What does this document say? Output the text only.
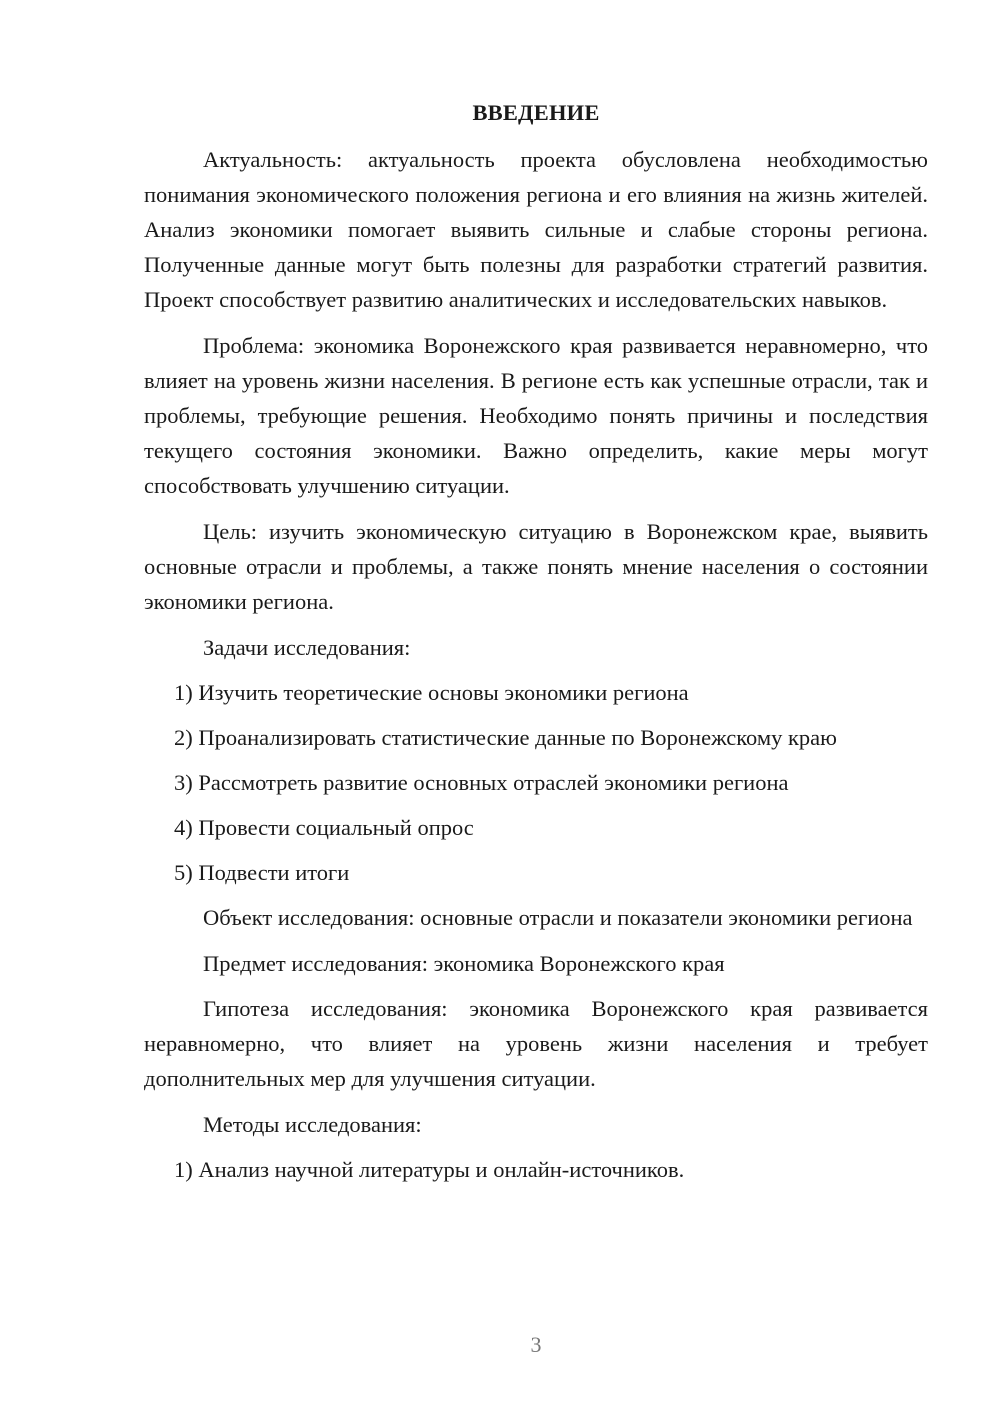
ВВЕДЕНИЕ

Актуальность: актуальность проекта обусловлена необходимостью понимания экономического положения региона и его влияния на жизнь жителей. Анализ экономики помогает выявить сильные и слабые стороны региона. Полученные данные могут быть полезны для разработки стратегий развития. Проект способствует развитию аналитических и исследовательских навыков.

Проблема: экономика Воронежского края развивается неравномерно, что влияет на уровень жизни населения. В регионе есть как успешные отрасли, так и проблемы, требующие решения. Необходимо понять причины и последствия текущего состояния экономики. Важно определить, какие меры могут способствовать улучшению ситуации.

Цель: изучить экономическую ситуацию в Воронежском крае, выявить основные отрасли и проблемы, а также понять мнение населения о состоянии экономики региона.

Задачи исследования:
1) Изучить теоретические основы экономики региона
2) Проанализировать статистические данные по Воронежскому краю
3) Рассмотреть развитие основных отраслей экономики региона
4) Провести социальный опрос
5) Подвести итоги

Объект исследования: основные отрасли и показатели экономики региона

Предмет исследования: экономика Воронежского края

Гипотеза исследования: экономика Воронежского края развивается неравномерно, что влияет на уровень жизни населения и требует дополнительных мер для улучшения ситуации.

Методы исследования:
1) Анализ научной литературы и онлайн-источников.
3
